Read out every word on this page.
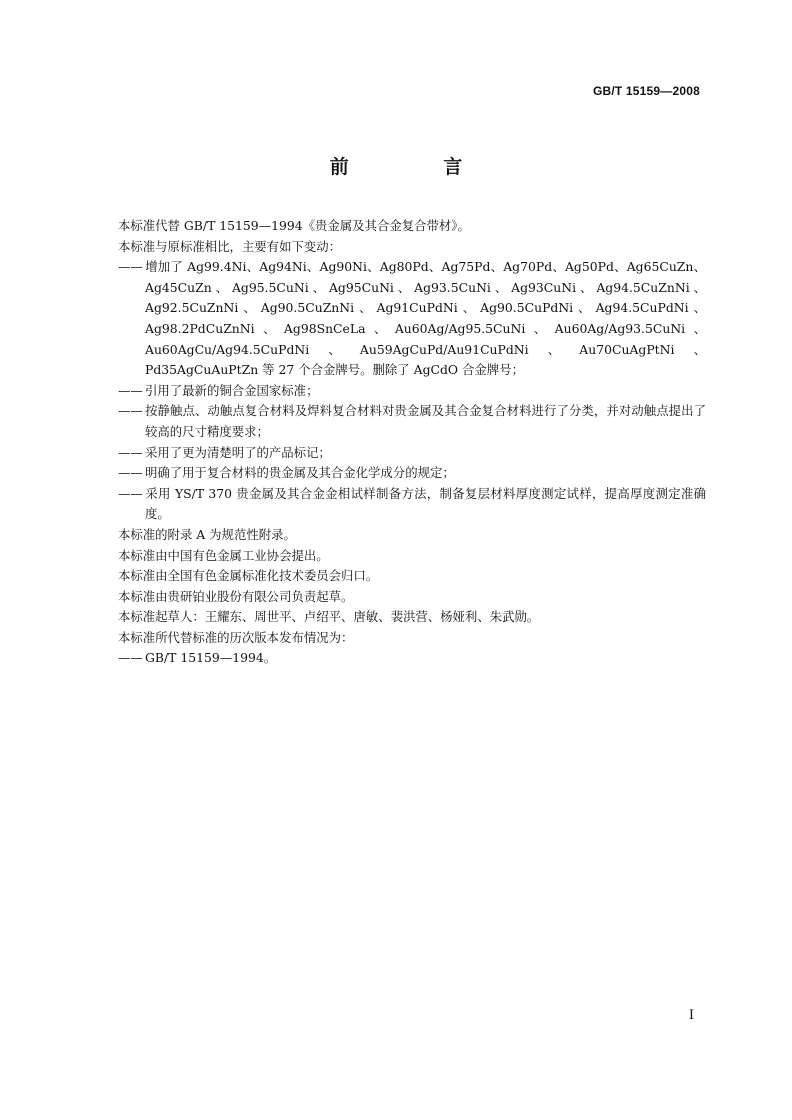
GB/T 15159—2008
前 言

本标准代替 GB/T 15159—1994《贵金属及其合金复合带材》。

本标准与原标准相比，主要有如下变动：

—— 增加了 Ag99.4Ni、Ag94Ni、Ag90Ni、Ag80Pd、Ag75Pd、Ag70Pd、Ag50Pd、Ag65CuZn、Ag45CuZn、Ag95.5CuNi、Ag95CuNi、Ag93.5CuNi、Ag93CuNi、Ag94.5CuZnNi、Ag92.5CuZnNi、Ag90.5CuZnNi、Ag91CuPdNi、Ag90.5CuPdNi、Ag94.5CuPdNi、Ag98.2PdCuZnNi、Ag98SnCeLa、Au60Ag/Ag95.5CuNi、Au60Ag/Ag93.5CuNi、Au60AgCu/Ag94.5CuPdNi、Au59AgCuPd/Au91CuPdNi、Au70CuAgPtNi、Pd35AgCuAuPtZn 等 27 个合金牌号。删除了 AgCdO 合金牌号；

—— 引用了最新的铜合金国家标准；

—— 按静触点、动触点复合材料及焊料复合材料对贵金属及其合金复合材料进行了分类，并对动触点提出了较高的尺寸精度要求；

—— 采用了更为清楚明了的产品标记；

—— 明确了用于复合材料的贵金属及其合金化学成分的规定；

—— 采用 YS/T 370 贵金属及其合金金相试样制备方法，制备复层材料厚度测定试样，提高厚度测定准确度。

本标准的附录 A 为规范性附录。

本标准由中国有色金属工业协会提出。

本标准由全国有色金属标准化技术委员会归口。

本标准由贵研铂业股份有限公司负责起草。

本标准起草人：王耀东、周世平、卢绍平、唐敏、裴洪营、杨娅利、朱武勋。

本标准所代替标准的历次版本发布情况为：

—— GB/T 15159—1994。

I
